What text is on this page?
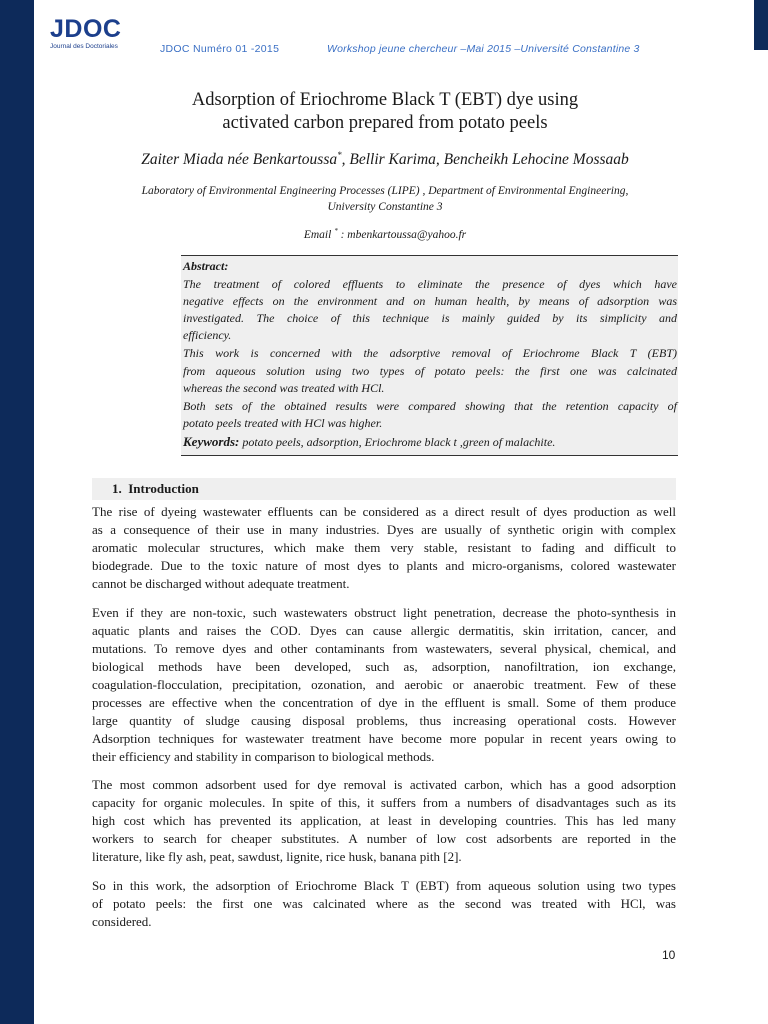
JDOC
Journal des Doctoriales	JDOC Numéro 01 -2015	Workshop jeune chercheur –Mai 2015 –Université Constantine 3
Adsorption of Eriochrome Black T (EBT) dye using
activated carbon prepared from potato peels
Zaiter Miada née Benkartoussa*, Bellir Karima, Bencheikh Lehocine Mossaab
Laboratory of Environmental Engineering Processes (LIPE) , Department of Environmental Engineering,
University Constantine 3
Email * : mbenkartoussa@yahoo.fr
Abstract:
The treatment of colored effluents to eliminate the presence of dyes which have
negative effects on the environment and on human health, by means of adsorption was
investigated. The choice of this technique is mainly guided by its simplicity and
efficiency.
This work is concerned with the adsorptive removal of Eriochrome Black T (EBT)
from aqueous solution using two types of potato peels: the first one was calcinated
whereas the second was treated with HCl.
Both sets of the obtained results were compared showing that the retention capacity of
potato peels treated with HCl was higher.
Keywords: potato peels, adsorption, Eriochrome black t ,green of malachite.
1. Introduction
The rise of dyeing wastewater effluents can be considered as a direct result of dyes production as well
as a consequence of their use in many industries. Dyes are usually of synthetic origin with complex
aromatic molecular structures, which make them very stable, resistant to fading and difficult to
biodegrade. Due to the toxic nature of most dyes to plants and micro-organisms, colored wastewater
cannot be discharged without adequate treatment.
Even if they are non-toxic, such wastewaters obstruct light penetration, decrease the photo-synthesis in
aquatic plants and raises the COD. Dyes can cause allergic dermatitis, skin irritation, cancer, and
mutations. To remove dyes and other contaminants from wastewaters, several physical, chemical, and
biological methods have been developed, such as, adsorption, nanofiltration, ion exchange,
coagulation-flocculation, precipitation, ozonation, and aerobic or anaerobic treatment. Few of these
processes are effective when the concentration of dye in the effluent is small. Some of them produce
large quantity of sludge causing disposal problems, thus increasing operational costs. However
Adsorption techniques for wastewater treatment have become more popular in recent years owing to
their efficiency and stability in comparison to biological methods.
The most common adsorbent used for dye removal is activated carbon, which has a good adsorption
capacity for organic molecules. In spite of this, it suffers from a numbers of disadvantages such as its
high cost which has prevented its application, at least in developing countries. This has led many
workers to search for cheaper substitutes. A number of low cost adsorbents are reported in the
literature, like fly ash, peat, sawdust, lignite, rice husk, banana pith [2].
So in this work, the adsorption of Eriochrome Black T (EBT) from aqueous solution using two types
of potato peels: the first one was calcinated where as the second was treated with HCl, was
considered.
10
